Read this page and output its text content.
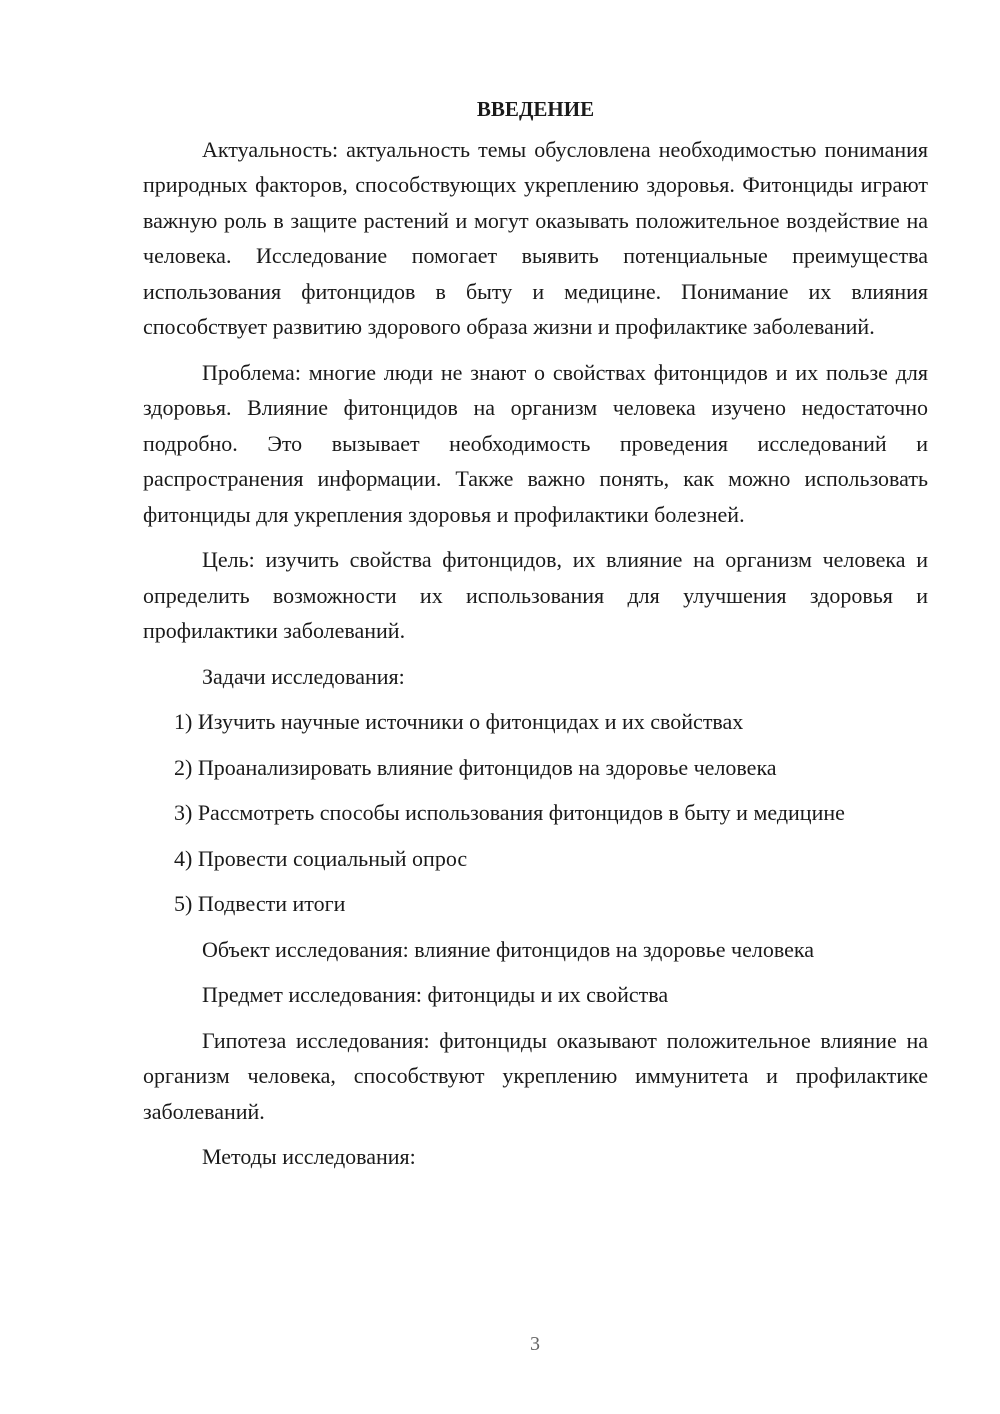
ВВЕДЕНИЕ

Актуальность: актуальность темы обусловлена необходимостью понимания природных факторов, способствующих укреплению здоровья. Фитонциды играют важную роль в защите растений и могут оказывать положительное воздействие на человека. Исследование помогает выявить потенциальные преимущества использования фитонцидов в быту и медицине. Понимание их влияния способствует развитию здорового образа жизни и профилактике заболеваний.

Проблема: многие люди не знают о свойствах фитонцидов и их пользе для здоровья. Влияние фитонцидов на организм человека изучено недостаточно подробно. Это вызывает необходимость проведения исследований и распространения информации. Также важно понять, как можно использовать фитонциды для укрепления здоровья и профилактики болезней.

Цель: изучить свойства фитонцидов, их влияние на организм человека и определить возможности их использования для улучшения здоровья и профилактики заболеваний.

Задачи исследования:

1) Изучить научные источники о фитонцидах и их свойствах

2) Проанализировать влияние фитонцидов на здоровье человека

3) Рассмотреть способы использования фитонцидов в быту и медицине

4) Провести социальный опрос

5) Подвести итоги

Объект исследования: влияние фитонцидов на здоровье человека

Предмет исследования: фитонциды и их свойства

Гипотеза исследования: фитонциды оказывают положительное влияние на организм человека, способствуют укреплению иммунитета и профилактике заболеваний.

Методы исследования:

3
